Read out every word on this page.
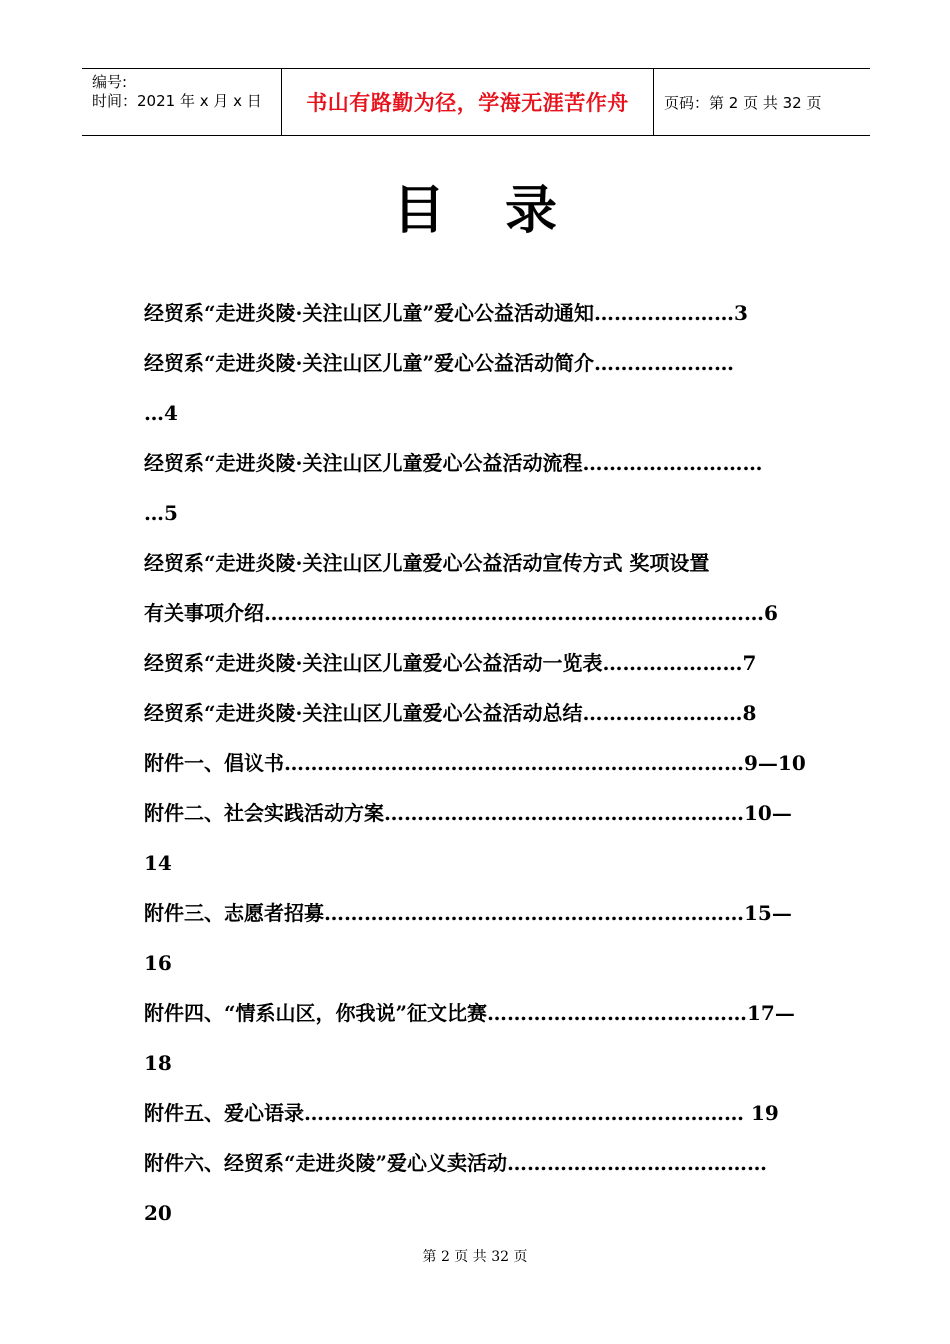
编号:
时间：2021 年 x 月 x 日	书山有路勤为径，学海无涯苦作舟	页码：第 2 页 共 32 页
目录
经贸系“走进炎陵·关注山区儿童”爱心公益活动通知…………………3
经贸系“走进炎陵·关注山区儿童”爱心公益活动简介…………………
…4
经贸系“走进炎陵·关注山区儿童爱心公益活动流程………………………
…5
经贸系“走进炎陵·关注山区儿童爱心公益活动宣传方式 奖项设置
有关事项介绍…………………………………………………………………6
经贸系“走进炎陵·关注山区儿童爱心公益活动一览表…………………7
经贸系“走进炎陵·关注山区儿童爱心公益活动总结……………………8
附件一、倡议书……………………………………………………………9—10
附件二、社会实践活动方案………………………………………………10—
14
附件三、志愿者招募………………………………………………………15—
16
附件四、“情系山区，你我说”征文比赛…………………………………17—
18
附件五、爱心语录………………………………………………………… 19
附件六、经贸系“走进炎陵”爱心义卖活动…………………………………
20
第 2 页 共 32 页
